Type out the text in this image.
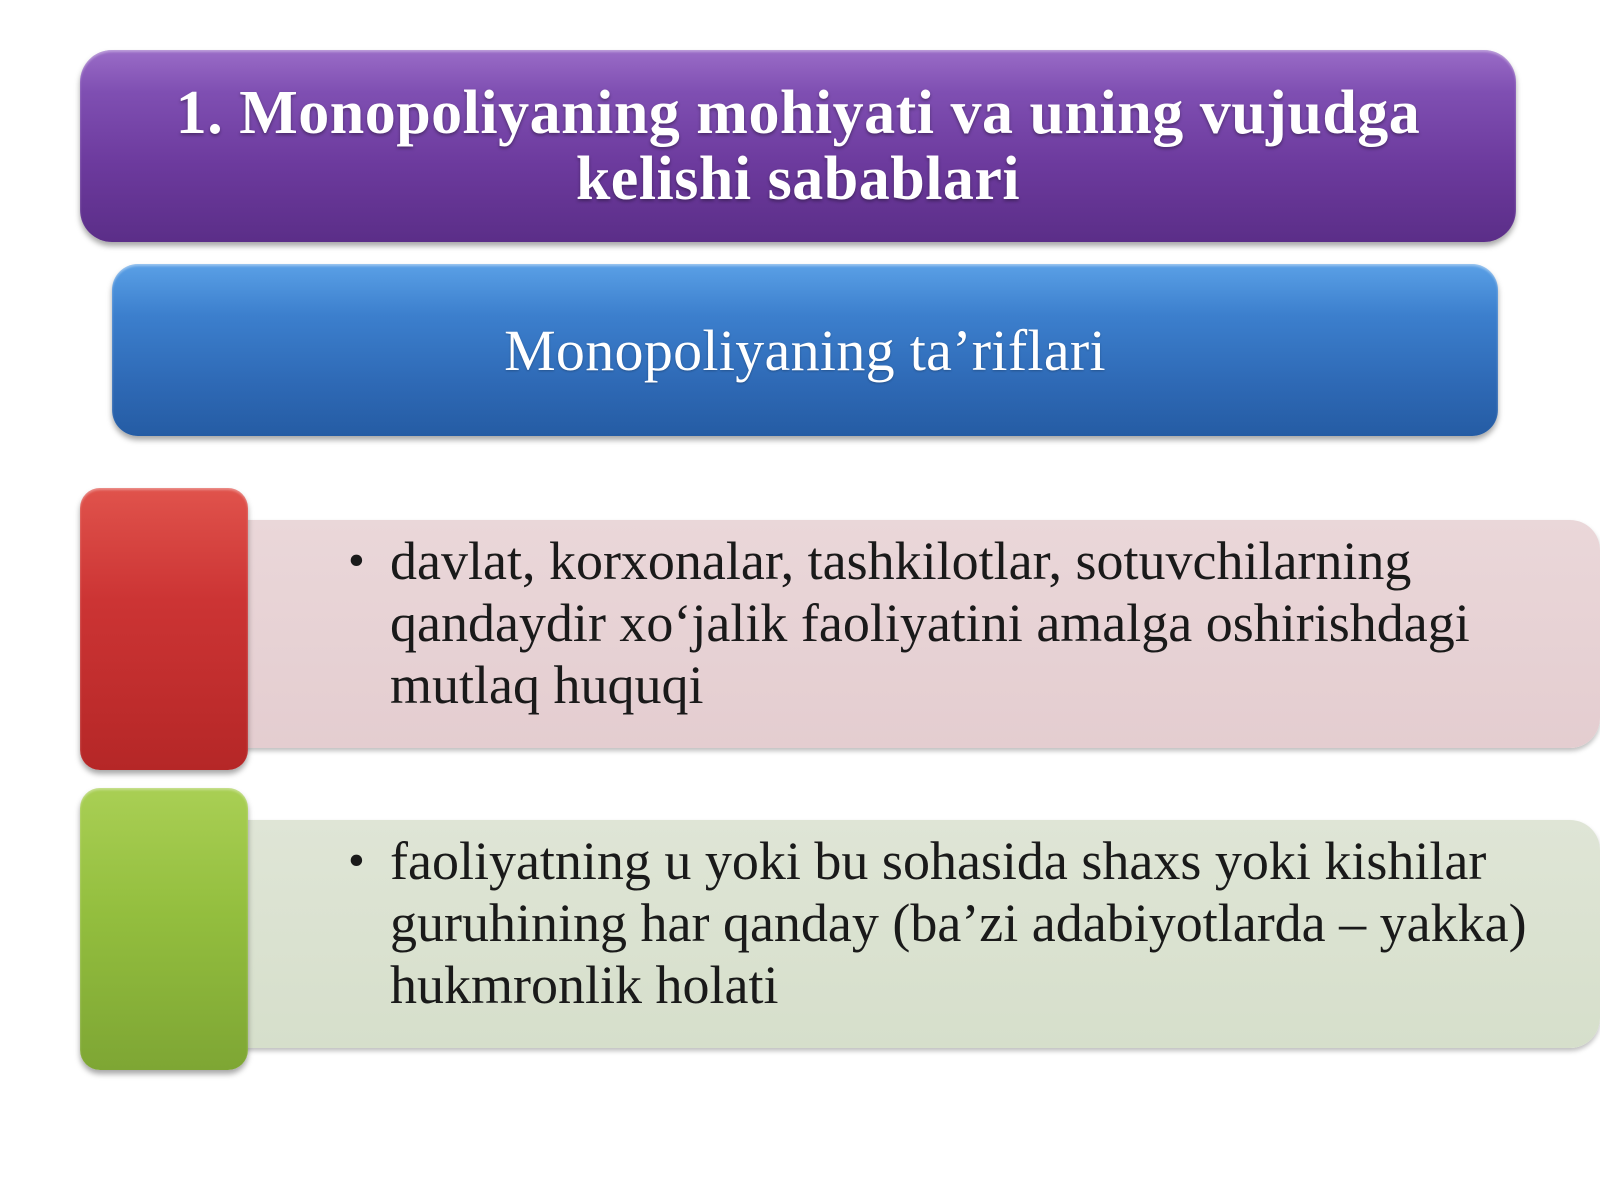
1. Monopoliyaning mohiyati va uning vujudga kelishi sabablari
Monopoliyaning ta’riflari
• davlat, korxonalar, tashkilotlar, sotuvchilarning qandaydir xo‘jalik faoliyatini amalga oshirishdagi mutlaq huquqi
• faoliyatning u yoki bu sohasida shaxs yoki kishilar guruhining har qanday (ba’zi adabiyotlarda – yakka) hukmronlik holati
